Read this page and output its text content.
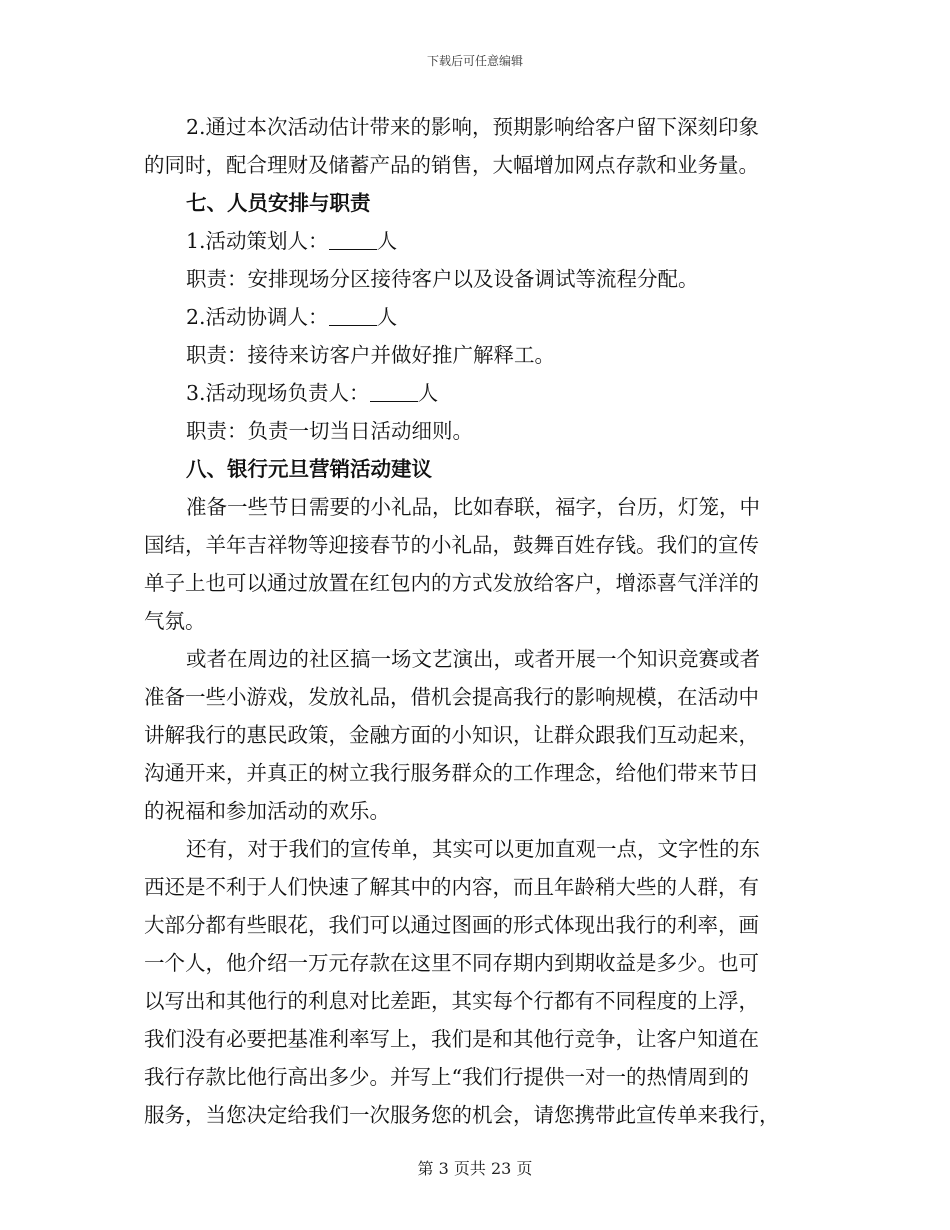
下载后可任意编辑
2.通过本次活动估计带来的影响，预期影响给客户留下深刻印象
的同时，配合理财及储蓄产品的销售，大幅增加网点存款和业务量。
七、人员安排与职责
1.活动策划人： 人
职责：安排现场分区接待客户以及设备调试等流程分配。
2.活动协调人： 人
职责：接待来访客户并做好推广解释工。
3.活动现场负责人： 人
职责：负责一切当日活动细则。
八、银行元旦营销活动建议
准备一些节日需要的小礼品，比如春联，福字，台历，灯笼，中
国结，羊年吉祥物等迎接春节的小礼品，鼓舞百姓存钱。我们的宣传
单子上也可以通过放置在红包内的方式发放给客户，增添喜气洋洋的
气氛。
或者在周边的社区搞一场文艺演出，或者开展一个知识竞赛或者
准备一些小游戏，发放礼品，借机会提高我行的影响规模，在活动中
讲解我行的惠民政策，金融方面的小知识，让群众跟我们互动起来，
沟通开来，并真正的树立我行服务群众的工作理念，给他们带来节日
的祝福和参加活动的欢乐。
还有，对于我们的宣传单，其实可以更加直观一点，文字性的东
西还是不利于人们快速了解其中的内容，而且年龄稍大些的人群，有
大部分都有些眼花，我们可以通过图画的形式体现出我行的利率，画
一个人，他介绍一万元存款在这里不同存期内到期收益是多少。也可
以写出和其他行的利息对比差距，其实每个行都有不同程度的上浮，
我们没有必要把基准利率写上，我们是和其他行竞争，让客户知道在
我行存款比他行高出多少。并写上“我们行提供一对一的热情周到的
服务，当您决定给我们一次服务您的机会，请您携带此宣传单来我行，
第 3 页共 23 页
